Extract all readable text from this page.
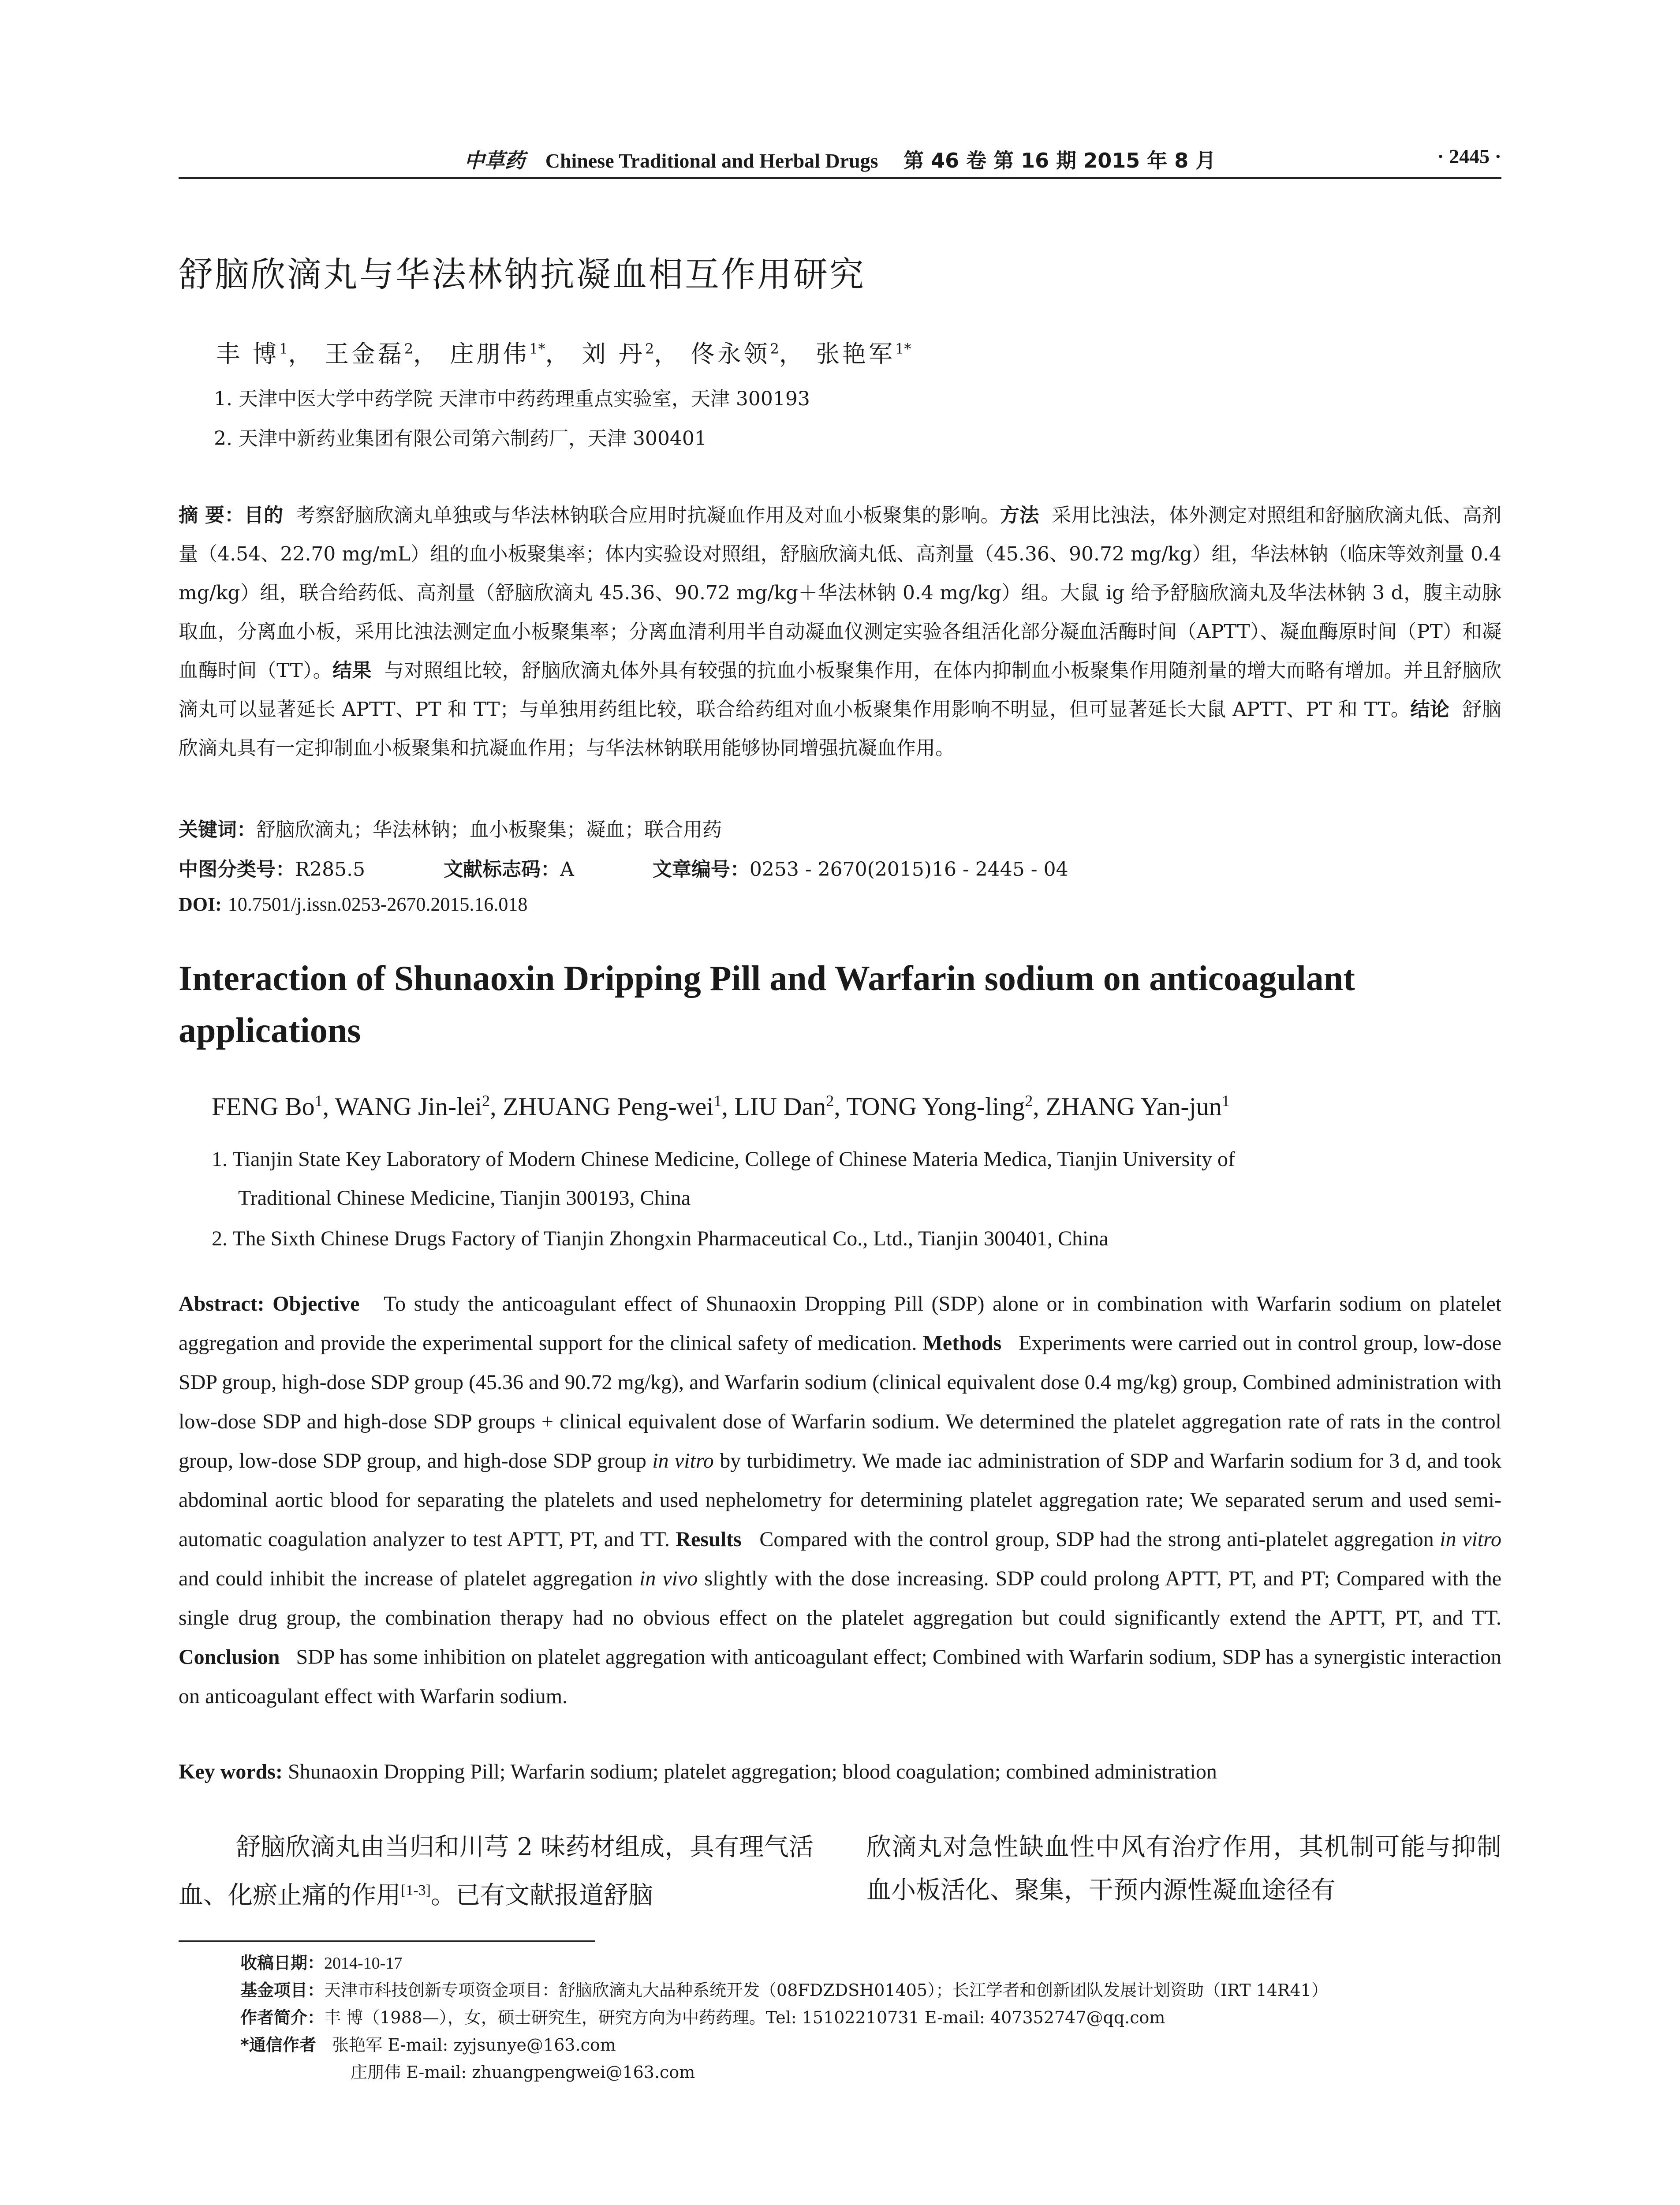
中草药 Chinese Traditional and Herbal Drugs 第 46 卷 第 16 期 2015 年 8 月	· 2445 ·
舒脑欣滴丸与华法林钠抗凝血相互作用研究
丰 博$^1$， 王金磊$^2$， 庄朋伟$^{1*}$， 刘 丹$^2$， 佟永领$^2$， 张艳军$^{1*}$
1. 天津中医大学中药学院 天津市中药药理重点实验室，天津 300193
2. 天津中新药业集团有限公司第六制药厂，天津 300401
摘 要：目的 考察舒脑欣滴丸单独或与华法林钠联合应用时抗凝血作用及对血小板聚集的影响。方法 采用比浊法，体外测定对照组和舒脑欣滴丸低、高剂量（4.54、22.70 mg/mL）组的血小板聚集率；体内实验设对照组，舒脑欣滴丸低、高剂量（45.36、90.72 mg/kg）组，华法林钠（临床等效剂量 0.4 mg/kg）组，联合给药低、高剂量（舒脑欣滴丸 45.36、90.72 mg/kg＋华法林钠 0.4 mg/kg）组。大鼠 ig 给予舒脑欣滴丸及华法林钠 3 d，腹主动脉取血，分离血小板，采用比浊法测定血小板聚集率；分离血清利用半自动凝血仪测定实验各组活化部分凝血活酶时间（APTT）、凝血酶原时间（PT）和凝血酶时间（TT）。结果 与对照组比较，舒脑欣滴丸体外具有较强的抗血小板聚集作用，在体内抑制血小板聚集作用随剂量的增大而略有增加。并且舒脑欣滴丸可以显著延长 APTT、PT 和 TT；与单独用药组比较，联合给药组对血小板聚集作用影响不明显，但可显著延长大鼠 APTT、PT 和 TT。结论 舒脑欣滴丸具有一定抑制血小板聚集和抗凝血作用；与华法林钠联用能够协同增强抗凝血作用。
关键词：舒脑欣滴丸；华法林钠；血小板聚集；凝血；联合用药
中图分类号：R285.5	文献标志码：A	文章编号：0253 - 2670(2015)16 - 2445 - 04
DOI: 10.7501/j.issn.0253-2670.2015.16.018
Interaction of Shunaoxin Dripping Pill and Warfarin sodium on anticoagulant applications
FENG Bo$^1$, WANG Jin-lei$^2$, ZHUANG Peng-wei$^1$, LIU Dan$^2$, TONG Yong-ling$^2$, ZHANG Yan-jun$^1$
1. Tianjin State Key Laboratory of Modern Chinese Medicine, College of Chinese Materia Medica, Tianjin University of
Traditional Chinese Medicine, Tianjin 300193, China
2. The Sixth Chinese Drugs Factory of Tianjin Zhongxin Pharmaceutical Co., Ltd., Tianjin 300401, China
Abstract: Objective To study the anticoagulant effect of Shunaoxin Dropping Pill (SDP) alone or in combination with Warfarin sodium on platelet aggregation and provide the experimental support for the clinical safety of medication. Methods Experiments were carried out in control group, low-dose SDP group, high-dose SDP group (45.36 and 90.72 mg/kg), and Warfarin sodium (clinical equivalent dose 0.4 mg/kg) group, Combined administration with low-dose SDP and high-dose SDP groups + clinical equivalent dose of Warfarin sodium. We determined the platelet aggregation rate of rats in the control group, low-dose SDP group, and high-dose SDP group in vitro by turbidimetry. We made iac administration of SDP and Warfarin sodium for 3 d, and took abdominal aortic blood for separating the platelets and used nephelometry for determining platelet aggregation rate; We separated serum and used semi-automatic coagulation analyzer to test APTT, PT, and TT. Results Compared with the control group, SDP had the strong anti-platelet aggregation in vitro and could inhibit the increase of platelet aggregation in vivo slightly with the dose increasing. SDP could prolong APTT, PT, and PT; Compared with the single drug group, the combination therapy had no obvious effect on the platelet aggregation but could significantly extend the APTT, PT, and TT. Conclusion SDP has some inhibition on platelet aggregation with anticoagulant effect; Combined with Warfarin sodium, SDP has a synergistic interaction on anticoagulant effect with Warfarin sodium.
Key words: Shunaoxin Dropping Pill; Warfarin sodium; platelet aggregation; blood coagulation; combined administration
舒脑欣滴丸由当归和川芎 2 味药材组成，具有理气活血、化瘀止痛的作用[1-3]。已有文献报道舒脑
欣滴丸对急性缺血性中风有治疗作用，其机制可能与抑制血小板活化、聚集，干预内源性凝血途径有
收稿日期：2014-10-17
基金项目：天津市科技创新专项资金项目：舒脑欣滴丸大品种系统开发（08FDZDSH01405）；长江学者和创新团队发展计划资助（IRT 14R41）
作者简介：丰 博（1988—），女，硕士研究生，研究方向为中药药理。Tel: 15102210731 E-mail: 407352747@qq.com
*通信作者 张艳军 E-mail: zyjsunye@163.com
庄朋伟 E-mail: zhuangpengwei@163.com
